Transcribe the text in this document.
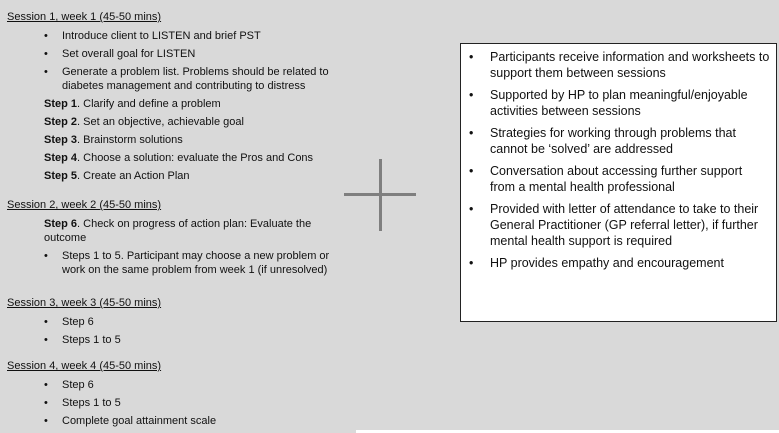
Session 1, week 1 (45-50 mins)
• Introduce client to LISTEN and brief PST
• Set overall goal for LISTEN
• Generate a problem list. Problems should be related to diabetes management and contributing to distress
Step 1. Clarify and define a problem
Step 2. Set an objective, achievable goal
Step 3. Brainstorm solutions
Step 4. Choose a solution: evaluate the Pros and Cons
Step 5. Create an Action Plan
Session 2, week 2 (45-50 mins)
Step 6. Check on progress of action plan: Evaluate the outcome
• Steps 1 to 5. Participant may choose a new problem or work on the same problem from week 1 (if unresolved)
Session 3, week 3 (45-50 mins)
• Step 6
• Steps 1 to 5
Session 4, week 4 (45-50 mins)
• Step 6
• Steps 1 to 5
• Complete goal attainment scale
• Participants receive information and worksheets to support them between sessions
• Supported by HP to plan meaningful/enjoyable activities between sessions
• Strategies for working through problems that cannot be ‘solved’ are addressed
• Conversation about accessing further support from a mental health professional
• Provided with letter of attendance to take to their General Practitioner (GP referral letter), if further mental health support is required
• HP provides empathy and encouragement
